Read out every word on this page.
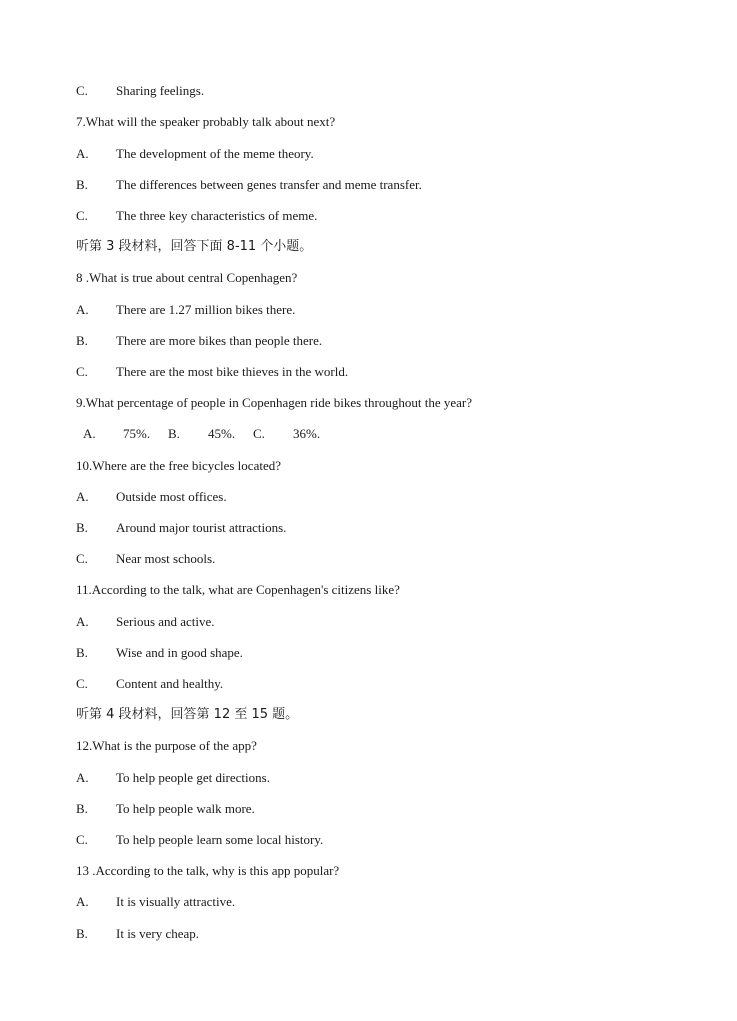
C. Sharing feelings.
7.What will the speaker probably talk about next?
A. The development of the meme theory.
B. The differences between genes transfer and meme transfer.
C. The three key characteristics of meme.
听第 3 段材料，回答下面 8-11 个小题。
8 .What is true about central Copenhagen?
A. There are 1.27 million bikes there.
B. There are more bikes than people there.
C. There are the most bike thieves in the world.
9.What percentage of people in Copenhagen ride bikes throughout the year?
A. 75%. B. 45%. C. 36%.
10.Where are the free bicycles located?
A. Outside most offices.
B. Around major tourist attractions.
C. Near most schools.
11.According to the talk, what are Copenhagen's citizens like?
A. Serious and active.
B. Wise and in good shape.
C. Content and healthy.
听第 4 段材料，回答第 12 至 15 题。
12.What is the purpose of the app?
A. To help people get directions.
B. To help people walk more.
C. To help people learn some local history.
13 .According to the talk, why is this app popular?
A. It is visually attractive.
B. It is very cheap.
